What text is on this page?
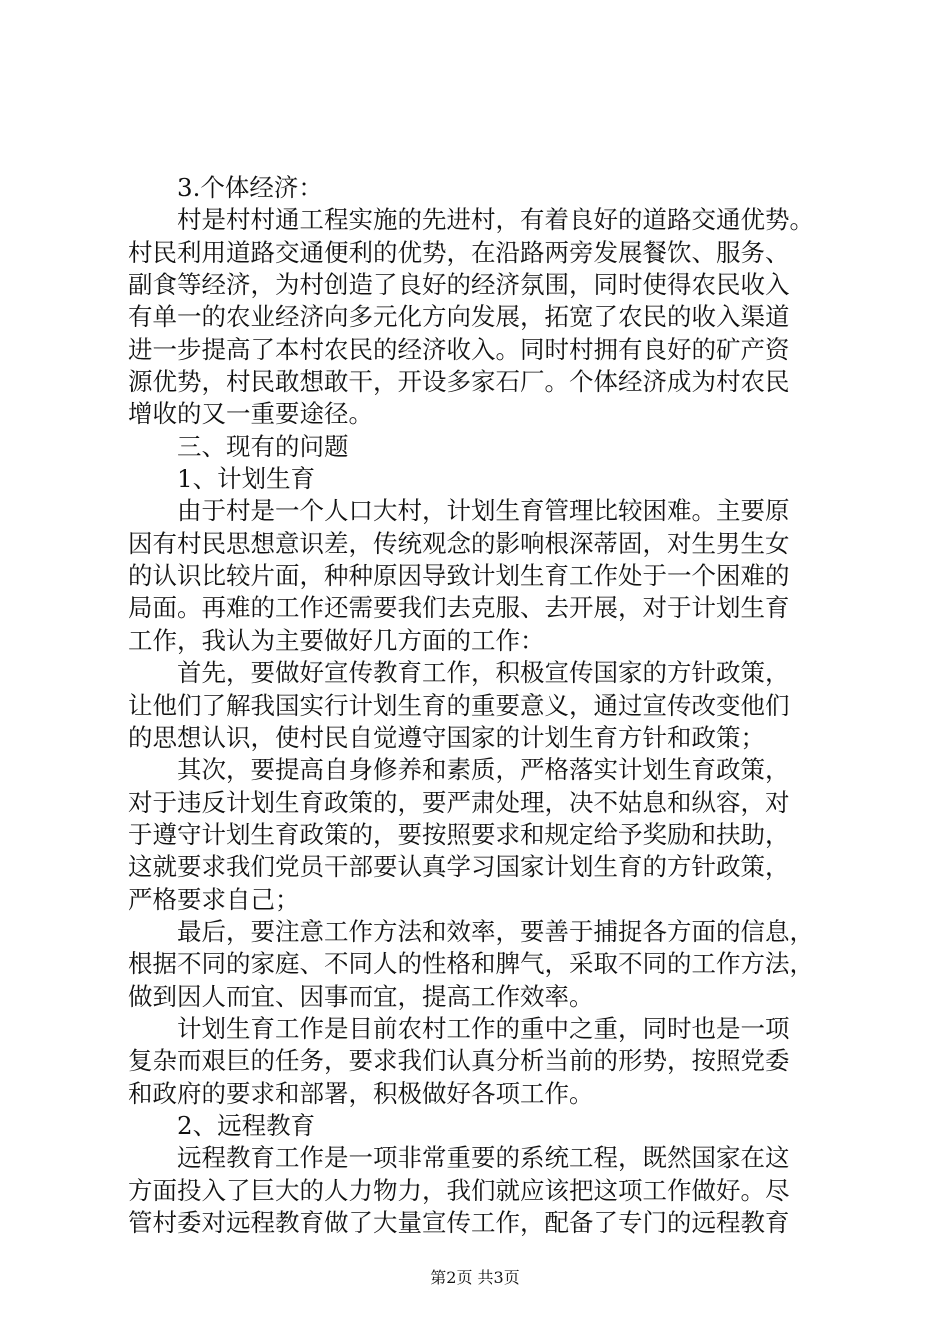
3.个体经济：
村是村村通工程实施的先进村，有着良好的道路交通优势。
村民利用道路交通便利的优势，在沿路两旁发展餐饮、服务、
副食等经济，为村创造了良好的经济氛围，同时使得农民收入
有单一的农业经济向多元化方向发展，拓宽了农民的收入渠道
进一步提高了本村农民的经济收入。同时村拥有良好的矿产资
源优势，村民敢想敢干，开设多家石厂。个体经济成为村农民
增收的又一重要途径。
三、现有的问题
1、计划生育
由于村是一个人口大村，计划生育管理比较困难。主要原
因有村民思想意识差，传统观念的影响根深蒂固，对生男生女
的认识比较片面，种种原因导致计划生育工作处于一个困难的
局面。再难的工作还需要我们去克服、去开展，对于计划生育
工作，我认为主要做好几方面的工作：
首先，要做好宣传教育工作，积极宣传国家的方针政策，
让他们了解我国实行计划生育的重要意义，通过宣传改变他们
的思想认识，使村民自觉遵守国家的计划生育方针和政策；
其次，要提高自身修养和素质，严格落实计划生育政策，
对于违反计划生育政策的，要严肃处理，决不姑息和纵容，对
于遵守计划生育政策的，要按照要求和规定给予奖励和扶助，
这就要求我们党员干部要认真学习国家计划生育的方针政策，
严格要求自己；
最后，要注意工作方法和效率，要善于捕捉各方面的信息，
根据不同的家庭、不同人的性格和脾气，采取不同的工作方法，
做到因人而宜、因事而宜，提高工作效率。
计划生育工作是目前农村工作的重中之重，同时也是一项
复杂而艰巨的任务，要求我们认真分析当前的形势，按照党委
和政府的要求和部署，积极做好各项工作。
2、远程教育
远程教育工作是一项非常重要的系统工程，既然国家在这
方面投入了巨大的人力物力，我们就应该把这项工作做好。尽
管村委对远程教育做了大量宣传工作，配备了专门的远程教育
第2页 共3页
